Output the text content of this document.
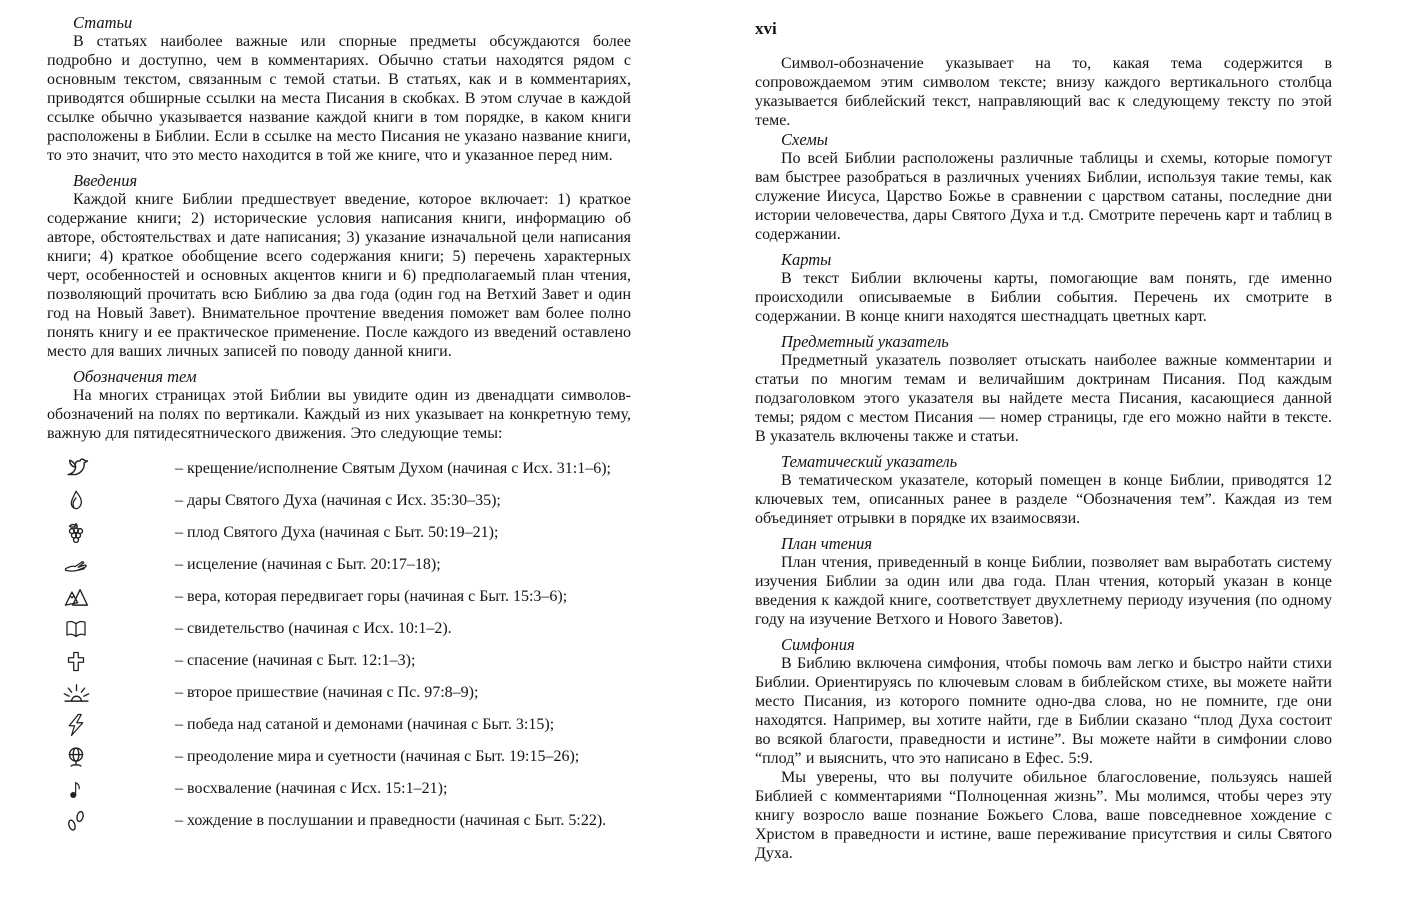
Статьи

В статьях наиболее важные или спорные предметы обсуждаются более подробно и доступно, чем в комментариях. Обычно статьи находятся рядом с основным текстом, связанным с темой статьи. В статьях, как и в комментариях, приводятся обширные ссылки на места Писания в скобках. В этом случае в каждой ссылке обычно указывается название каждой книги в том порядке, в каком книги расположены в Библии. Если в ссылке на место Писания не указано название книги, то это значит, что это место находится в той же книге, что и указанное перед ним.

Введения

Каждой книге Библии предшествует введение, которое включает: 1) краткое содержание книги; 2) исторические условия написания книги, информацию об авторе, обстоятельствах и дате написания; 3) указание изначальной цели написания книги; 4) краткое обобщение всего содержания книги; 5) перечень характерных черт, особенностей и основных акцентов книги и 6) предполагаемый план чтения, позволяющий прочитать всю Библию за два года (один год на Ветхий Завет и один год на Новый Завет). Внимательное прочтение введения поможет вам более полно понять книгу и ее практическое применение. После каждого из введений оставлено место для ваших личных записей по поводу данной книги.

Обозначения тем

На многих страницах этой Библии вы увидите один из двенадцати символов-обозначений на полях по вертикали. Каждый из них указывает на конкретную тему, важную для пятидесятнического движения. Это следующие темы:

– крещение/исполнение Святым Духом (начиная с Исх. 31:1–6);
– дары Святого Духа (начиная с Исх. 35:30–35);
– плод Святого Духа (начиная с Быт. 50:19–21);
– исцеление (начиная с Быт. 20:17–18);
– вера, которая передвигает горы (начиная с Быт. 15:3–6);
– свидетельство (начиная с Исх. 10:1–2).
– спасение (начиная с Быт. 12:1–3);
– второе пришествие (начиная с Пс. 97:8–9);
– победа над сатаной и демонами (начиная с Быт. 3:15);
– преодоление мира и суетности (начиная с Быт. 19:15–26);
– восхваление (начиная с Исх. 15:1–21);
– хождение в послушании и праведности (начиная с Быт. 5:22).
xvi

Символ-обозначение указывает на то, какая тема содержится в сопровождаемом этим символом тексте; внизу каждого вертикального столбца указывается библейский текст, направляющий вас к следующему тексту по этой теме.

Схемы

По всей Библии расположены различные таблицы и схемы, которые помогут вам быстрее разобраться в различных учениях Библии, используя такие темы, как служение Иисуса, Царство Божье в сравнении с царством сатаны, последние дни истории человечества, дары Святого Духа и т.д. Смотрите перечень карт и таблиц в содержании.

Карты

В текст Библии включены карты, помогающие вам понять, где именно происходили описываемые в Библии события. Перечень их смотрите в содержании. В конце книги находятся шестнадцать цветных карт.

Предметный указатель

Предметный указатель позволяет отыскать наиболее важные комментарии и статьи по многим темам и величайшим доктринам Писания. Под каждым подзаголовком этого указателя вы найдете места Писания, касающиеся данной темы; рядом с местом Писания — номер страницы, где его можно найти в тексте. В указатель включены также и статьи.

Тематический указатель

В тематическом указателе, который помещен в конце Библии, приводятся 12 ключевых тем, описанных ранее в разделе “Обозначения тем”. Каждая из тем объединяет отрывки в порядке их взаимосвязи.

План чтения

План чтения, приведенный в конце Библии, позволяет вам выработать систему изучения Библии за один или два года. План чтения, который указан в конце введения к каждой книге, соответствует двухлетнему периоду изучения (по одному году на изучение Ветхого и Нового Заветов).

Симфония

В Библию включена симфония, чтобы помочь вам легко и быстро найти стихи Библии. Ориентируясь по ключевым словам в библейском стихе, вы можете найти место Писания, из которого помните одно-два слова, но не помните, где они находятся. Например, вы хотите найти, где в Библии сказано “плод Духа состоит во всякой благости, праведности и истине”. Вы можете найти в симфонии слово “плод” и выяснить, что это написано в Ефес. 5:9.

Мы уверены, что вы получите обильное благословение, пользуясь нашей Библией с комментариями “Полноценная жизнь”. Мы молимся, чтобы через эту книгу возросло ваше познание Божьего Слова, ваше повседневное хождение с Христом в праведности и истине, ваше переживание присутствия и силы Святого Духа.
